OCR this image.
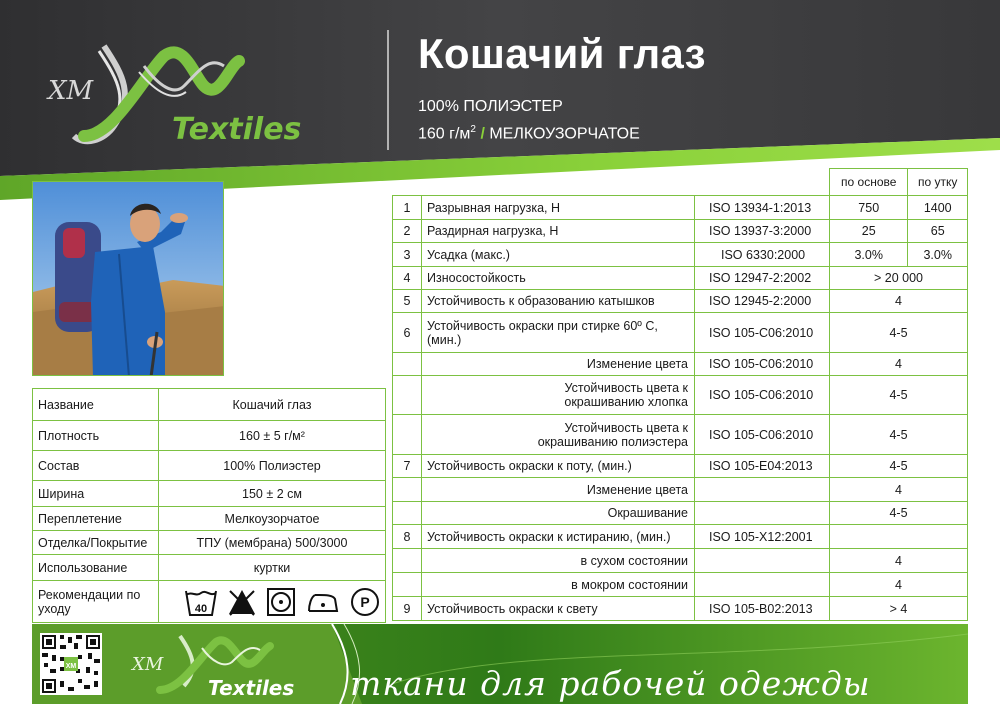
XM
Textiles
Кошачий глаз
100% ПОЛИЭСТЕР
160 $г/м^2$ / МЕЛКОУЗОРЧАТОЕ
Название	Кошачий глаз
Плотность	160 ± 5 г/м²
Состав	100% Полиэстер
Ширина	150 ± 2 см
Переплетение	Мелкоузорчатое
Отделка/Покрытие	ТПУ (мембрана) 500/3000
Использование	куртки
Рекомендации по уходу	40 P
			по основе	по утку
1	Разрывная нагрузка, Н	ISO 13934-1:2013	750	1400
2	Раздирная нагрузка, Н	ISO 13937-3:2000	25	65
3	Усадка (макс.)	ISO 6330:2000	3.0%	3.0%
4	Износостойкость	ISO 12947-2:2002	> 20 000	
5	Устойчивость к образованию катышков	ISO 12945-2:2000	4	
6	Устойчивость окраски при стирке 60º С, (мин.)	ISO 105-C06:2010	4-5	
	Изменение цвета	ISO 105-C06:2010	4	
	Устойчивость цвета к окрашиванию хлопка	ISO 105-C06:2010	4-5	
	Устойчивость цвета к окрашиванию полиэстера	ISO 105-C06:2010	4-5	
7	Устойчивость окраски к поту, (мин.)	ISO 105-E04:2013	4-5	
	Изменение цвета		4	
	Окрашивание		4-5	
8	Устойчивость окраски к истиранию, (мин.)	ISO 105-X12:2001		
	в сухом состоянии		4	
	в мокром состоянии		4	
9	Устойчивость окраски к свету	ISO 105-B02:2013	> 4	
XM	XM
Textiles ткани для рабочей одежды
